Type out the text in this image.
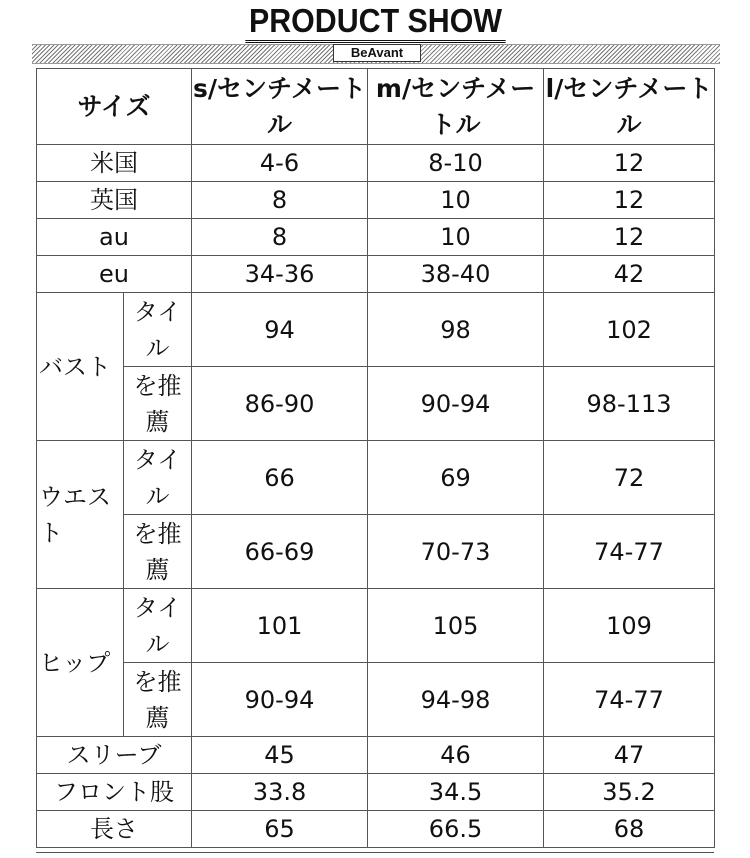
PRODUCT SHOW
BeAvant
サイズ		s/センチメートル	m/センチメートル	l/センチメートル
米国		4-6	8-10	12
英国		8	10	12
au		8	10	12
eu		34-36	38-40	42
バスト	タイル	94	98	102
	を推薦	86-90	90-94	98-113
ウエスト	タイル	66	69	72
	を推薦	66-69	70-73	74-77
ヒップ	タイル	101	105	109
	を推薦	90-94	94-98	74-77
スリーブ		45	46	47
フロント股		33.8	34.5	35.2
長さ		65	66.5	68
